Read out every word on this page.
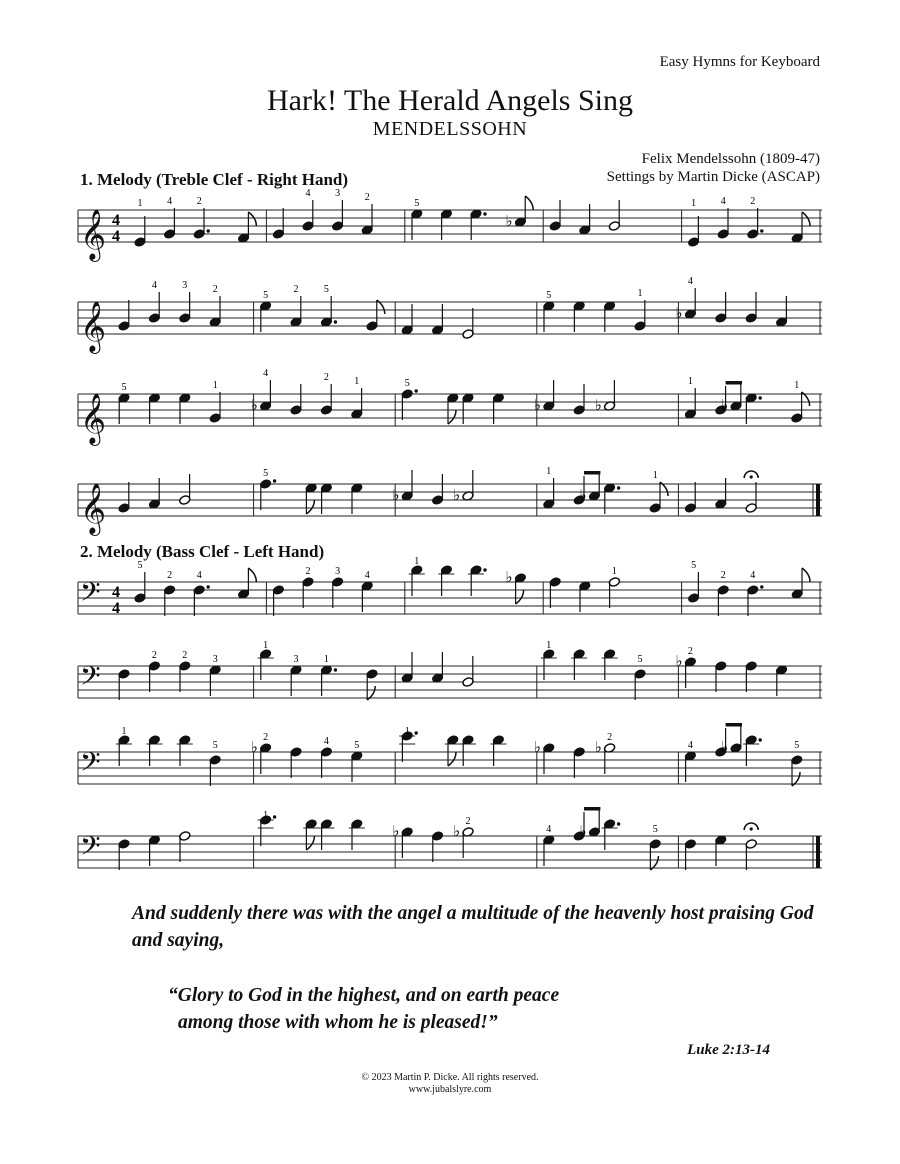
Easy Hymns for Keyboard
Hark! The Herald Angels Sing
MENDELSSOHN
Felix Mendelssohn (1809-47)
Settings by Martin Dicke (ASCAP)
1. Melody (Treble Clef - Right Hand)
𝄞 4
4
1 4 2
4 3 2
5
♭
1 4 2
𝄞
4	3	2
5
2	5
5	1
♭
4
𝄞
5	1
♭
4	2	1	5
♭	♭
1
♭
1
𝄞
5
♭	♭
1
♭
1
2. Melody (Bass Clef - Left Hand)
𝄢 4
4
5
2 4	2 3 4
1
♭	1
5
2 4
𝄢
2	2	3
1
3	1
1
5 ♭
2
𝄢
1
5 ♭
2	4	5
1
♭	♭
2
4 ♭	5
𝄢
1
♭	♭
2
4 ♭	5
And suddenly there was with the angel a multitude of the heavenly host praising God and saying,
“Glory to God in the highest, and on earth peace
among those with whom he is pleased!”
Luke 2:13-14
© 2023 Martin P. Dicke. All rights reserved.
www.jubalslyre.com
